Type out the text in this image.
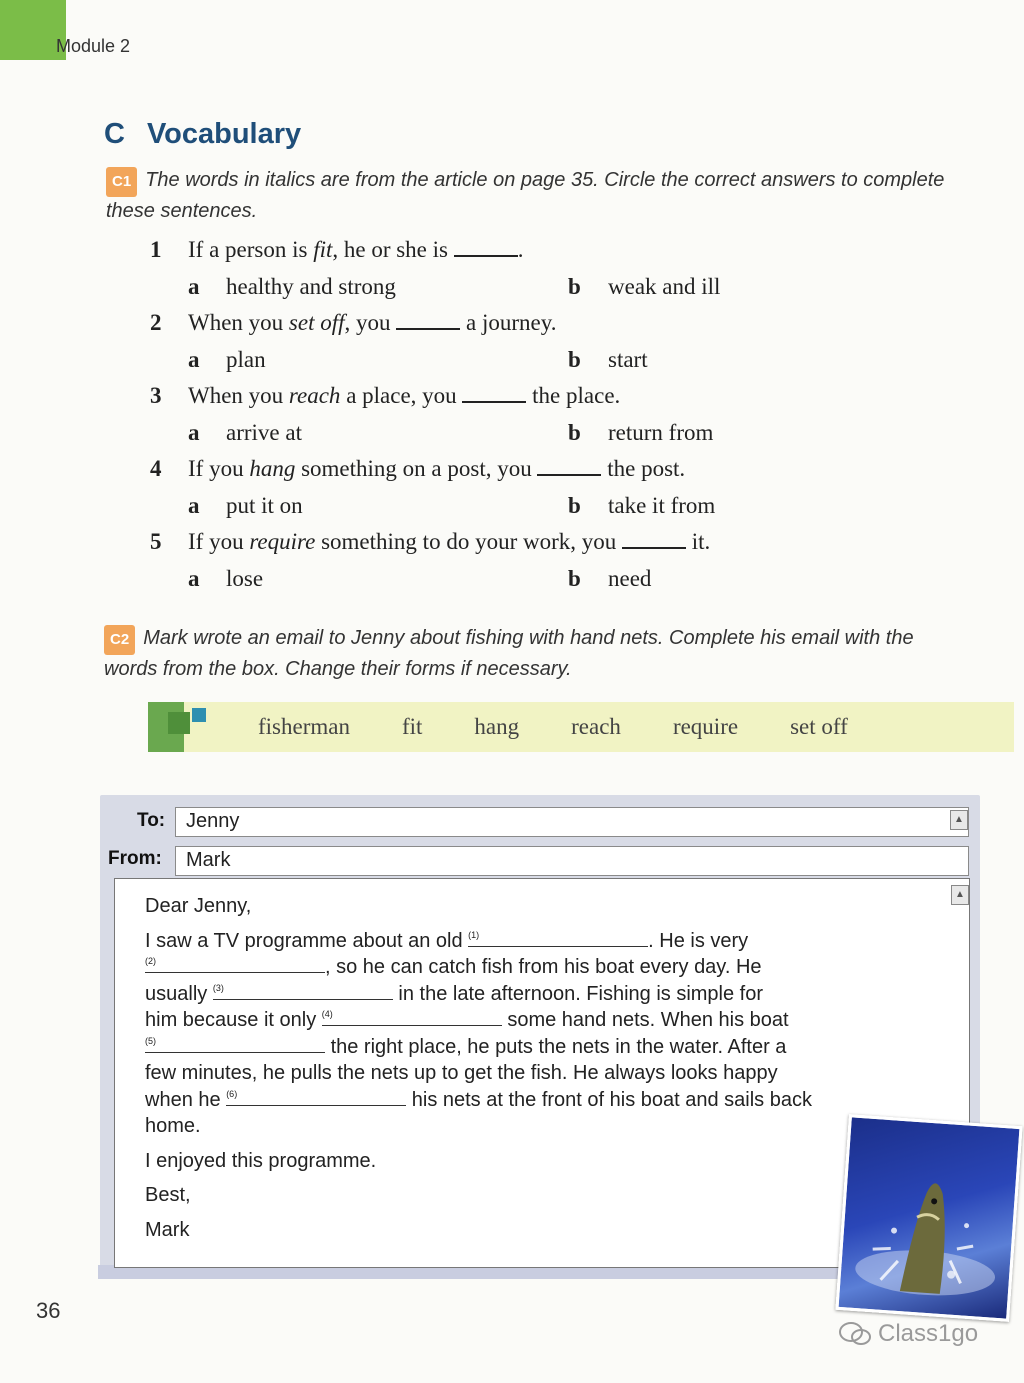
Module 2
C Vocabulary
C1 The words in italics are from the article on page 35. Circle the correct answers to complete these sentences.
1 If a person is fit, he or she is	.
a healthy and strong	b weak and ill
2 When you set off, you	a journey.
a plan	b start
3 When you reach a place, you	the place.
a arrive at	b return from
4 If you hang something on a post, you	the post.
a put it on	b take it from
5 If you require something to do your work, you	it.
a lose	b need
C2 Mark wrote an email to Jenny about fishing with hand nets. Complete his email with the words from the box. Change their forms if necessary.
fisherman fit hang reach require set off
To:	Jenny	▲
From:	Mark
▲

Dear Jenny,

I saw a TV programme about an old (1)	. He is very

(2)	, so he can catch fish from his boat every day. He
usually (3)	in the late afternoon. Fishing is simple for
him because it only (4)	some hand nets. When his boat

(5)	the right place, he puts the nets in the water. After a
few minutes, he pulls the nets up to get the fish. He always looks happy
when he (6)	his nets at the front of his boat and sails back
home.

I enjoyed this programme.

Best,

Mark

36
Class1go
